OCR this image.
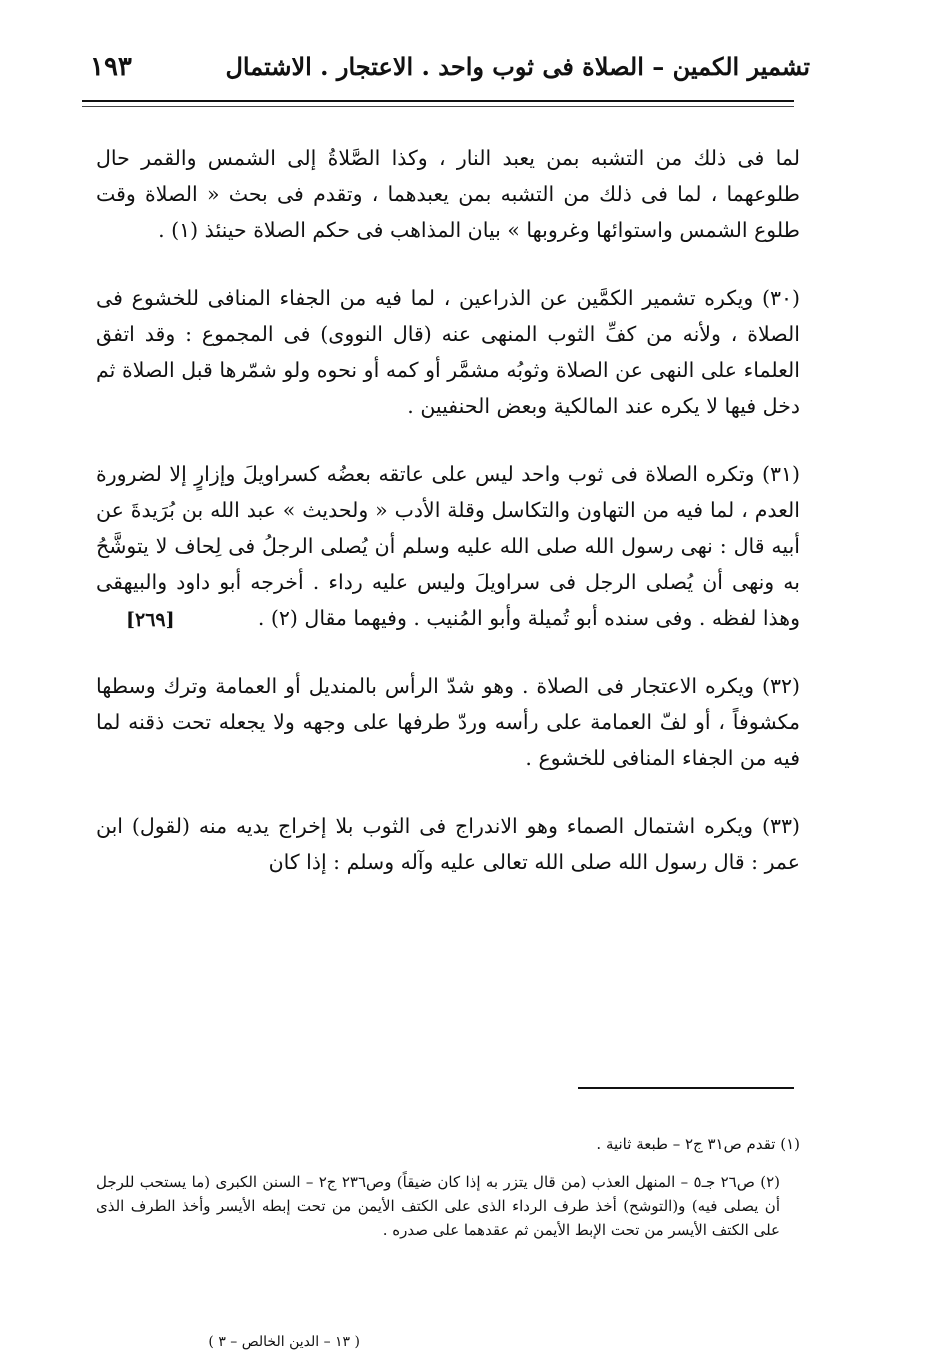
تشمير الكمين – الصلاة فى ثوب واحد . الاعتجار . الاشتمال
١٩٣

لما فى ذلك من التشبه بمن يعبد النار ، وكذا الصَّلاةُ إلى الشمس والقمر حال طلوعهما ، لما فى ذلك من التشبه بمن يعبدهما ، وتقدم فى بحث « الصلاة وقت طلوع الشمس واستوائها وغروبها » بيان المذاهب فى حكم الصلاة حينئذ (١) .

(٣٠) ويكره تشمير الكمَّين عن الذراعين ، لما فيه من الجفاء المنافى للخشوع فى الصلاة ، ولأنه من كفِّ الثوب المنهى عنه (قال النووى) فى المجموع : وقد اتفق العلماء على النهى عن الصلاة وثوبُه مشمَّر أو كمه أو نحوه ولو شمّرها قبل الصلاة ثم دخل فيها لا يكره عند المالكية وبعض الحنفيين .

(٣١) وتكره الصلاة فى ثوب واحد ليس على عاتقه بعضُه كسراويلَ وإزارٍ إلا لضرورة العدم ، لما فيه من التهاون والتكاسل وقلة الأدب « ولحديث » عبد الله بن بُرَيدةَ عن أبيه قال : نهى رسول الله صلى الله عليه وسلم أن يُصلى الرجلُ فى لِحاف لا يتوشَّحُ به ونهى أن يُصلى الرجل فى سراويلَ وليس عليه رداء . أخرجه أبو داود والبيهقى وهذا لفظه . وفى سنده أبو تُميلة وأبو المُنيب . وفيهما مقال (٢) .

[٢٦٩]

(٣٢) ويكره الاعتجار فى الصلاة . وهو شدّ الرأس بالمنديل أو العمامة وترك وسطها مكشوفاً ، أو لفّ العمامة على رأسه وردّ طرفها على وجهه ولا يجعله تحت ذقنه لما فيه من الجفاء المنافى للخشوع .

(٣٣) ويكره اشتمال الصماء وهو الاندراج فى الثوب بلا إخراج يديه منه (لقول) ابن عمر : قال رسول الله صلى الله تعالى عليه وآله وسلم : إذا كان

(١) تقدم ص٣١ ج٢ – طبعة ثانية .

(٢) ص٢٦ جـ٥ – المنهل العذب (من قال يتزر به إذا كان ضيقاً) وص٢٣٦ ج٢ – السنن الكبرى (ما يستحب للرجل أن يصلى فيه) و(التوشح) أخذ طرف الرداء الذى على الكتف الأيمن من تحت إبطه الأيسر وأخذ الطرف الذى على الكتف الأيسر من تحت الإبط الأيمن ثم عقدهما على صدره .

( ١٣ – الدين الخالص – ٣ )
